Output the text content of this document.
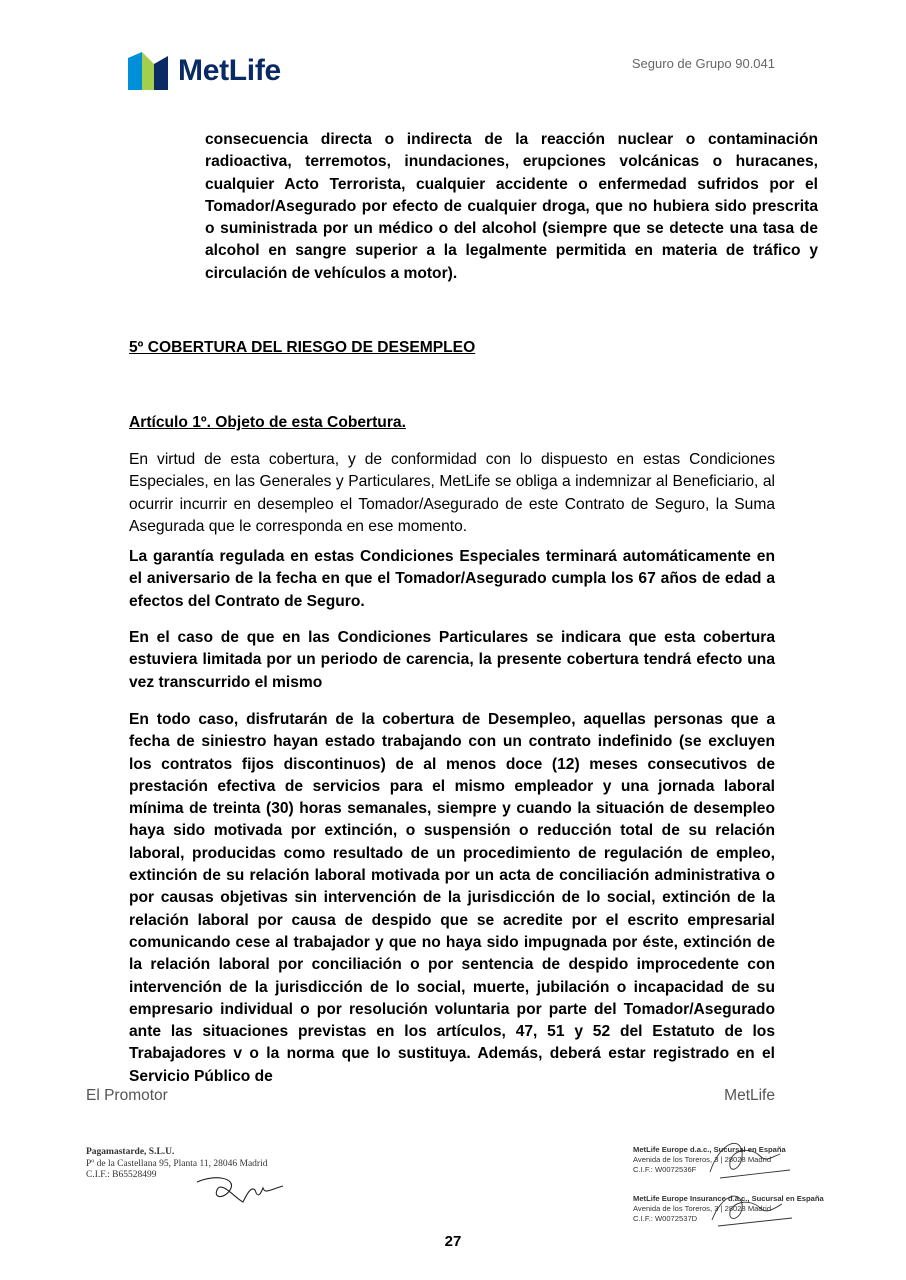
MetLife	Seguro de Grupo 90.041

consecuencia directa o indirecta de la reacción nuclear o contaminación radioactiva, terremotos, inundaciones, erupciones volcánicas o huracanes, cualquier Acto Terrorista, cualquier accidente o enfermedad sufridos por el Tomador/Asegurado por efecto de cualquier droga, que no hubiera sido prescrita o suministrada por un médico o del alcohol (siempre que se detecte una tasa de alcohol en sangre superior a la legalmente permitida en materia de tráfico y circulación de vehículos a motor).

5º COBERTURA DEL RIESGO DE DESEMPLEO

Artículo 1º. Objeto de esta Cobertura.

En virtud de esta cobertura, y de conformidad con lo dispuesto en estas Condiciones Especiales, en las Generales y Particulares, MetLife se obliga a indemnizar al Beneficiario, al ocurrir incurrir en desempleo el Tomador/Asegurado de este Contrato de Seguro, la Suma Asegurada que le corresponda en ese momento.

La garantía regulada en estas Condiciones Especiales terminará automáticamente en el aniversario de la fecha en que el Tomador/Asegurado cumpla los 67 años de edad a efectos del Contrato de Seguro.

En el caso de que en las Condiciones Particulares se indicara que esta cobertura estuviera limitada por un periodo de carencia, la presente cobertura tendrá efecto una vez transcurrido el mismo

En todo caso, disfrutarán de la cobertura de Desempleo, aquellas personas que a fecha de siniestro hayan estado trabajando con un contrato indefinido (se excluyen los contratos fijos discontinuos) de al menos doce (12) meses consecutivos de prestación efectiva de servicios para el mismo empleador y una jornada laboral mínima de treinta (30) horas semanales, siempre y cuando la situación de desempleo haya sido motivada por extinción, o suspensión o reducción total de su relación laboral, producidas como resultado de un procedimiento de regulación de empleo, extinción de su relación laboral motivada por un acta de conciliación administrativa o por causas objetivas sin intervención de la jurisdicción de lo social, extinción de la relación laboral por causa de despido que se acredite por el escrito empresarial comunicando cese al trabajador y que no haya sido impugnada por éste, extinción de la relación laboral por conciliación o por sentencia de despido improcedente con intervención de la jurisdicción de lo social, muerte, jubilación o incapacidad de su empresario individual o por resolución voluntaria por parte del Tomador/Asegurado ante las situaciones previstas en los artículos, 47, 51 y 52 del Estatuto de los Trabajadores v o la norma que lo sustituya. Además, deberá estar registrado en el Servicio Público de

El Promotor	MetLife
Pagamastarde, S.L.U.
Pº de la Castellana 95, Planta 11, 28046 Madrid
C.I.F.: B65528499
MetLife Europe d.a.c., Sucursal en España
Avenida de los Toreros, 3 | 28028 Madrid
C.I.F.: W0072536F
MetLife Europe Insurance d.a.c., Sucursal en España
Avenida de los Toreros, 3 | 28028 Madrid
C.I.F.: W0072537D
27
